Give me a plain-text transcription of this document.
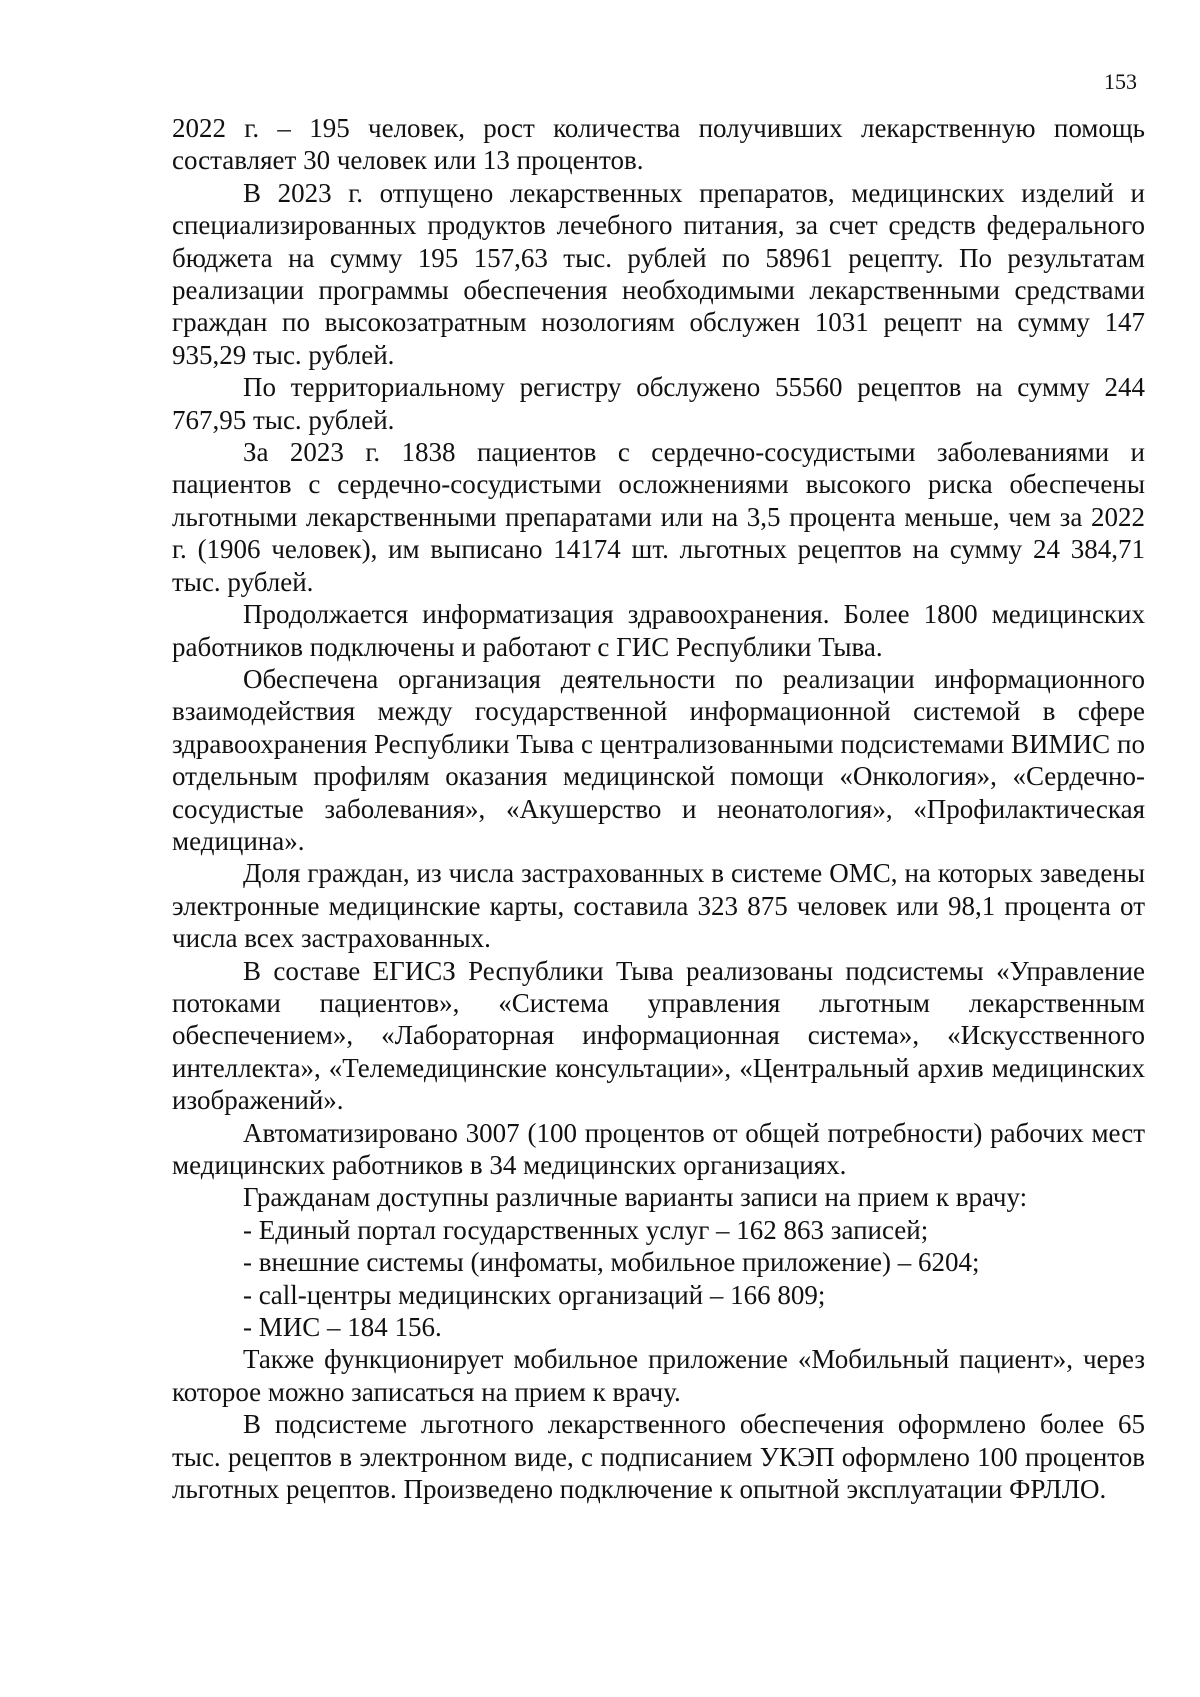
153

2022 г. – 195 человек, рост количества получивших лекарственную помощь составляет 30 человек или 13 процентов.

В 2023 г. отпущено лекарственных препаратов, медицинских изделий и специализированных продуктов лечебного питания, за счет средств федерального бюджета на сумму 195 157,63 тыс. рублей по 58961 рецепту. По результатам реализации программы обеспечения необходимыми лекарственными средствами граждан по высокозатратным нозологиям обслужен 1031 рецепт на сумму 147 935,29 тыс. рублей.

По территориальному регистру обслужено 55560 рецептов на сумму 244 767,95 тыс. рублей.

За 2023 г. 1838 пациентов с сердечно-сосудистыми заболеваниями и пациентов с сердечно-сосудистыми осложнениями высокого риска обеспечены льготными лекарственными препаратами или на 3,5 процента меньше, чем за 2022 г. (1906 человек), им выписано 14174 шт. льготных рецептов на сумму 24 384,71 тыс. рублей.

Продолжается информатизация здравоохранения. Более 1800 медицинских работников подключены и работают с ГИС Республики Тыва.

Обеспечена организация деятельности по реализации информационного взаимодействия между государственной информационной системой в сфере здравоохранения Республики Тыва с централизованными подсистемами ВИМИС по отдельным профилям оказания медицинской помощи «Онкология», «Сердечно-сосудистые заболевания», «Акушерство и неонатология», «Профилактическая медицина».

Доля граждан, из числа застрахованных в системе ОМС, на которых заведены электронные медицинские карты, составила 323 875 человек или 98,1 процента от числа всех застрахованных.

В составе ЕГИСЗ Республики Тыва реализованы подсистемы «Управление потоками пациентов», «Система управления льготным лекарственным обеспечением», «Лабораторная информационная система», «Искусственного интеллекта», «Телемедицинские консультации», «Центральный архив медицинских изображений».

Автоматизировано 3007 (100 процентов от общей потребности) рабочих мест медицинских работников в 34 медицинских организациях.

Гражданам доступны различные варианты записи на прием к врачу:

- Единый портал государственных услуг – 162 863 записей;

- внешние системы (инфоматы, мобильное приложение) – 6204;

- call-центры медицинских организаций – 166 809;

- МИС – 184 156.

Также функционирует мобильное приложение «Мобильный пациент», через которое можно записаться на прием к врачу.

В подсистеме льготного лекарственного обеспечения оформлено более 65 тыс. рецептов в электронном виде, с подписанием УКЭП оформлено 100 процентов льготных рецептов. Произведено подключение к опытной эксплуатации ФРЛЛО.
